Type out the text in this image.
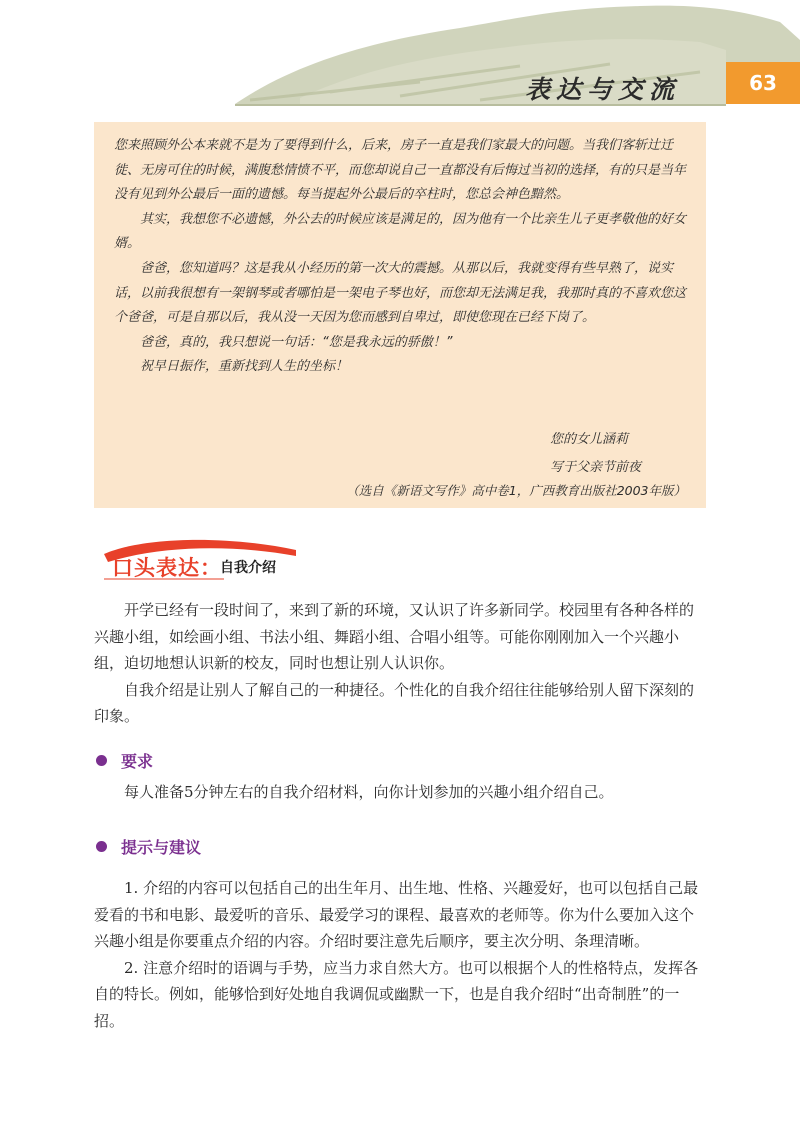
表达与交流	63

您来照顾外公本来就不是为了要得到什么，后来，房子一直是我们家最大的问题。当我们客斩辻迁徙、无房可住的时候，满腹愁情愤不平，而您却说自己一直都没有后悔过当初的选择，有的只是当年没有见到外公最后一面的遗憾。每当提起外公最后的卒柱时，您总会神色黯然。

其实，我想您不必遗憾，外公去的时候应该是满足的，因为他有一个比亲生儿子更孝敬他的好女婿。

爸爸，您知道吗？这是我从小经历的第一次大的震撼。从那以后，我就变得有些早熟了，说实话，以前我很想有一架钢琴或者哪怕是一架电子琴也好，而您却无法满足我，我那时真的不喜欢您这个爸爸，可是自那以后，我从没一天因为您而感到自卑过，即使您现在已经下岗了。

爸爸，真的，我只想说一句话：“您是我永远的骄傲！”

祝早日振作，重新找到人生的坐标！

您的女儿涵莉
写于父亲节前夜
（选自《新语文写作》高中卷1，广西教育出版社2003年版）
口头表达：
自我介绍

开学已经有一段时间了，来到了新的环境，又认识了许多新同学。校园里有各种各样的兴趣小组，如绘画小组、书法小组、舞蹈小组、合唱小组等。可能你刚刚加入一个兴趣小组，迫切地想认识新的校友，同时也想让别人认识你。

自我介绍是让别人了解自己的一种捷径。个性化的自我介绍往往能够给别人留下深刻的印象。

要求

每人准备5分钟左右的自我介绍材料，向你计划参加的兴趣小组介绍自己。

提示与建议

1. 介绍的内容可以包括自己的出生年月、出生地、性格、兴趣爱好，也可以包括自己最爱看的书和电影、最爱听的音乐、最爱学习的课程、最喜欢的老师等。你为什么要加入这个兴趣小组是你要重点介绍的内容。介绍时要注意先后顺序，要主次分明、条理清晰。

2. 注意介绍时的语调与手势，应当力求自然大方。也可以根据个人的性格特点，发挥各自的特长。例如，能够恰到好处地自我调侃或幽默一下，也是自我介绍时“出奇制胜”的一招。
